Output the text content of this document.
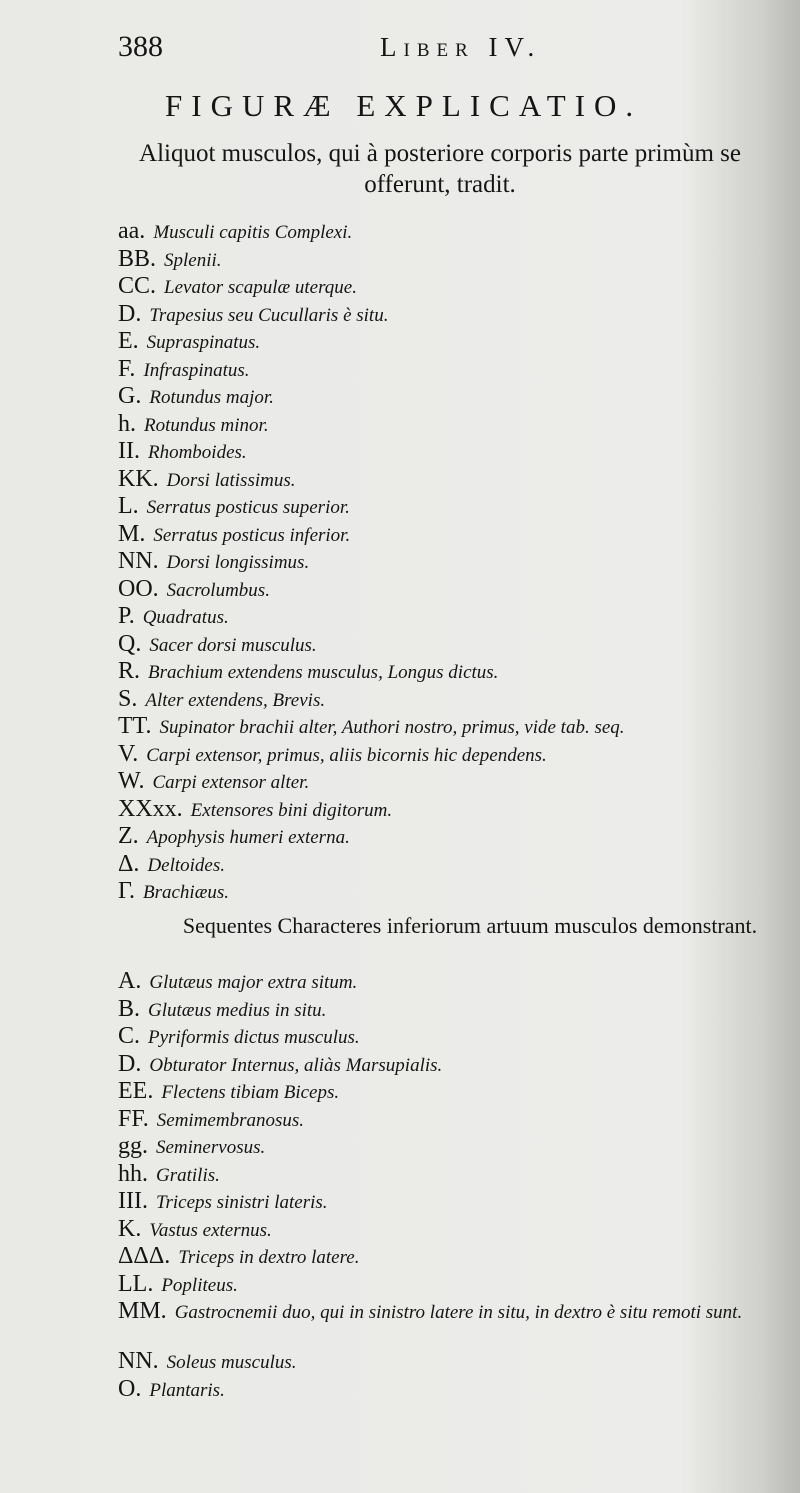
388	Liber IV.
FIGURÆ EXPLICATIO.
Aliquot musculos, qui à posteriore corporis parte primùm se offerunt, tradit.
aa. Musculi capitis Complexi.
BB. Splenii.
CC. Levator scapulæ uterque.
D. Trapesius seu Cucullaris è situ.
E. Supraspinatus.
F. Infraspinatus.
G. Rotundus major.
h. Rotundus minor.
II. Rhomboides.
KK. Dorsi latissimus.
L. Serratus posticus superior.
M. Serratus posticus inferior.
NN. Dorsi longissimus.
OO. Sacrolumbus.
P. Quadratus.
Q. Sacer dorsi musculus.
R. Brachium extendens musculus, Longus dictus.
S. Alter extendens, Brevis.
TT. Supinator brachii alter, Authori nostro, primus, vide tab. seq.
V. Carpi extensor, primus, aliis bicornis hic dependens.
W. Carpi extensor alter.
XXxx. Extensores bini digitorum.
Z. Apophysis humeri externa.
Δ. Deltoides.
Γ. Brachiæus.
Sequentes Characteres inferiorum artuum musculos demonstrant.
A. Glutæus major extra situm.
B. Glutæus medius in situ.
C. Pyriformis dictus musculus.
D. Obturator Internus, aliàs Marsupialis.
EE. Flectens tibiam Biceps.
FF. Semimembranosus.
gg. Seminervosus.
hh. Gratilis.
III. Triceps sinistri lateris.
K. Vastus externus.
ΔΔΔ. Triceps in dextro latere.
LL. Popliteus.
MM. Gastrocnemii duo, qui in sinistro latere in situ, in dextro è situ remoti sunt.
NN. Soleus musculus.
O. Plantaris.
